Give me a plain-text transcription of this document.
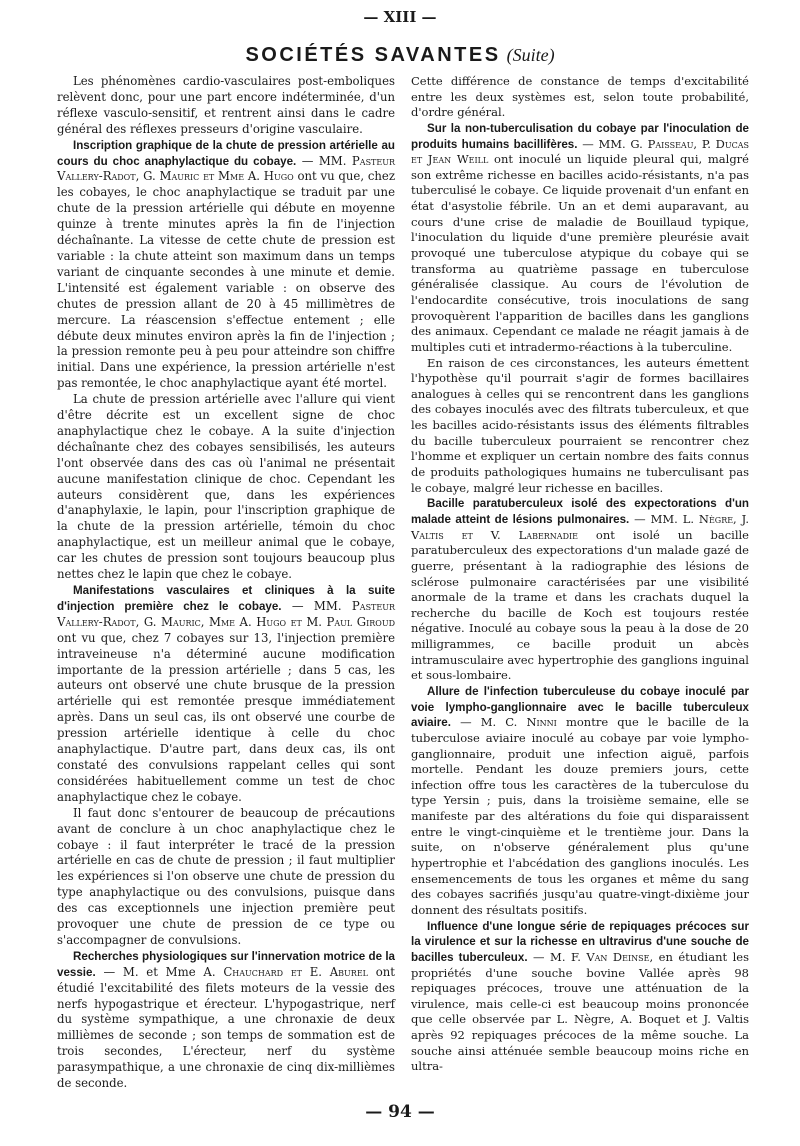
— XIII —
SOCIÉTÉS SAVANTES (Suite)

Les phénomènes cardio-vasculaires post-emboliques relèvent donc, pour une part encore indéterminée, d'un réflexe vasculo-sensitif, et rentrent ainsi dans le cadre général des réflexes presseurs d'origine vasculaire.

Inscription graphique de la chute de pression artérielle au cours du choc anaphylactique du cobaye. — MM. Pasteur Vallery-Radot, G. Mauric et Mme A. Hugo ont vu que, chez les cobayes, le choc anaphylactique se traduit par une chute de la pression artérielle qui débute en moyenne quinze à trente minutes après la fin de l'injection déchaînante. La vitesse de cette chute de pression est variable : la chute atteint son maximum dans un temps variant de cinquante secondes à une minute et demie. L'intensité est également variable : on observe des chutes de pression allant de 20 à 45 millimètres de mercure. La réascension s'effectue entement ; elle débute deux minutes environ après la fin de l'injection ; la pression remonte peu à peu pour atteindre son chiffre initial. Dans une expérience, la pression artérielle n'est pas remontée, le choc anaphylactique ayant été mortel.

La chute de pression artérielle avec l'allure qui vient d'être décrite est un excellent signe de choc anaphylactique chez le cobaye. A la suite d'injection déchaînante chez des cobayes sensibilisés, les auteurs l'ont observée dans des cas où l'animal ne présentait aucune manifestation clinique de choc. Cependant les auteurs considèrent que, dans les expériences d'anaphylaxie, le lapin, pour l'inscription graphique de la chute de la pression artérielle, témoin du choc anaphylactique, est un meilleur animal que le cobaye, car les chutes de pression sont toujours beaucoup plus nettes chez le lapin que chez le cobaye.

Manifestations vasculaires et cliniques à la suite d'injection première chez le cobaye. — MM. Pasteur Vallery-Radot, G. Mauric, Mme A. Hugo et M. Paul Giroud ont vu que, chez 7 cobayes sur 13, l'injection première intraveineuse n'a déterminé aucune modification importante de la pression artérielle ; dans 5 cas, les auteurs ont observé une chute brusque de la pression artérielle qui est remontée presque immédiatement après. Dans un seul cas, ils ont observé une courbe de pression artérielle identique à celle du choc anaphylactique. D'autre part, dans deux cas, ils ont constaté des convulsions rappelant celles qui sont considérées habituellement comme un test de choc anaphylactique chez le cobaye.

Il faut donc s'entourer de beaucoup de précautions avant de conclure à un choc anaphylactique chez le cobaye : il faut interpréter le tracé de la pression artérielle en cas de chute de pression ; il faut multiplier les expériences si l'on observe une chute de pression du type anaphylactique ou des convulsions, puisque dans des cas exceptionnels une injection première peut provoquer une chute de pression de ce type ou s'accompagner de convulsions.

Recherches physiologiques sur l'innervation motrice de la vessie. — M. et Mme A. Chauchard et E. Aburel ont étudié l'excitabilité des filets moteurs de la vessie des nerfs hypogastrique et érecteur. L'hypogastrique, nerf du système sympathique, a une chronaxie de deux millièmes de seconde ; son temps de sommation est de trois secondes, L'érecteur, nerf du système parasympathique, a une chronaxie de cinq dix-millièmes de seconde.

Cette différence de constance de temps d'excitabilité entre les deux systèmes est, selon toute probabilité, d'ordre général.

Sur la non-tuberculisation du cobaye par l'inoculation de produits humains bacillifères. — MM. G. Paisseau, P. Ducas et Jean Weill ont inoculé un liquide pleural qui, malgré son extrême richesse en bacilles acido-résistants, n'a pas tuberculisé le cobaye. Ce liquide provenait d'un enfant en état d'asystolie fébrile. Un an et demi auparavant, au cours d'une crise de maladie de Bouillaud typique, l'inoculation du liquide d'une première pleurésie avait provoqué une tuberculose atypique du cobaye qui se transforma au quatrième passage en tuberculose généralisée classique. Au cours de l'évolution de l'endocardite consécutive, trois inoculations de sang provoquèrent l'apparition de bacilles dans les ganglions des animaux. Cependant ce malade ne réagit jamais à de multiples cuti et intradermo-réactions à la tuberculine.

En raison de ces circonstances, les auteurs émettent l'hypothèse qu'il pourrait s'agir de formes bacillaires analogues à celles qui se rencontrent dans les ganglions des cobayes inoculés avec des filtrats tuberculeux, et que les bacilles acido-résistants issus des éléments filtrables du bacille tuberculeux pourraient se rencontrer chez l'homme et expliquer un certain nombre des faits connus de produits pathologiques humains ne tuberculisant pas le cobaye, malgré leur richesse en bacilles.

Bacille paratuberculeux isolé des expectorations d'un malade atteint de lésions pulmonaires. — MM. L. Nègre, J. Valtis et V. Labernadie ont isolé un bacille paratuberculeux des expectorations d'un malade gazé de guerre, présentant à la radiographie des lésions de sclérose pulmonaire caractérisées par une visibilité anormale de la trame et dans les crachats duquel la recherche du bacille de Koch est toujours restée négative. Inoculé au cobaye sous la peau à la dose de 20 milligrammes, ce bacille produit un abcès intramusculaire avec hypertrophie des ganglions inguinal et sous-lombaire.

Allure de l'infection tuberculeuse du cobaye inoculé par voie lympho-ganglionnaire avec le bacille tuberculeux aviaire. — M. C. Ninni montre que le bacille de la tuberculose aviaire inoculé au cobaye par voie lympho-ganglionnaire, produit une infection aiguë, parfois mortelle. Pendant les douze premiers jours, cette infection offre tous les caractères de la tuberculose du type Yersin ; puis, dans la troisième semaine, elle se manifeste par des altérations du foie qui disparaissent entre le vingt-cinquième et le trentième jour. Dans la suite, on n'observe généralement plus qu'une hypertrophie et l'abcédation des ganglions inoculés. Les ensemencements de tous les organes et même du sang des cobayes sacrifiés jusqu'au quatre-vingt-dixième jour donnent des résultats positifs.

Influence d'une longue série de repiquages précoces sur la virulence et sur la richesse en ultravirus d'une souche de bacilles tuberculeux. — M. F. Van Deinse, en étudiant les propriétés d'une souche bovine Vallée après 98 repiquages précoces, trouve une atténuation de la virulence, mais celle-ci est beaucoup moins prononcée que celle observée par L. Nègre, A. Boquet et J. Valtis après 92 repiquages précoces de la même souche. La souche ainsi atténuée semble beaucoup moins riche en ultra-

— 94 —
